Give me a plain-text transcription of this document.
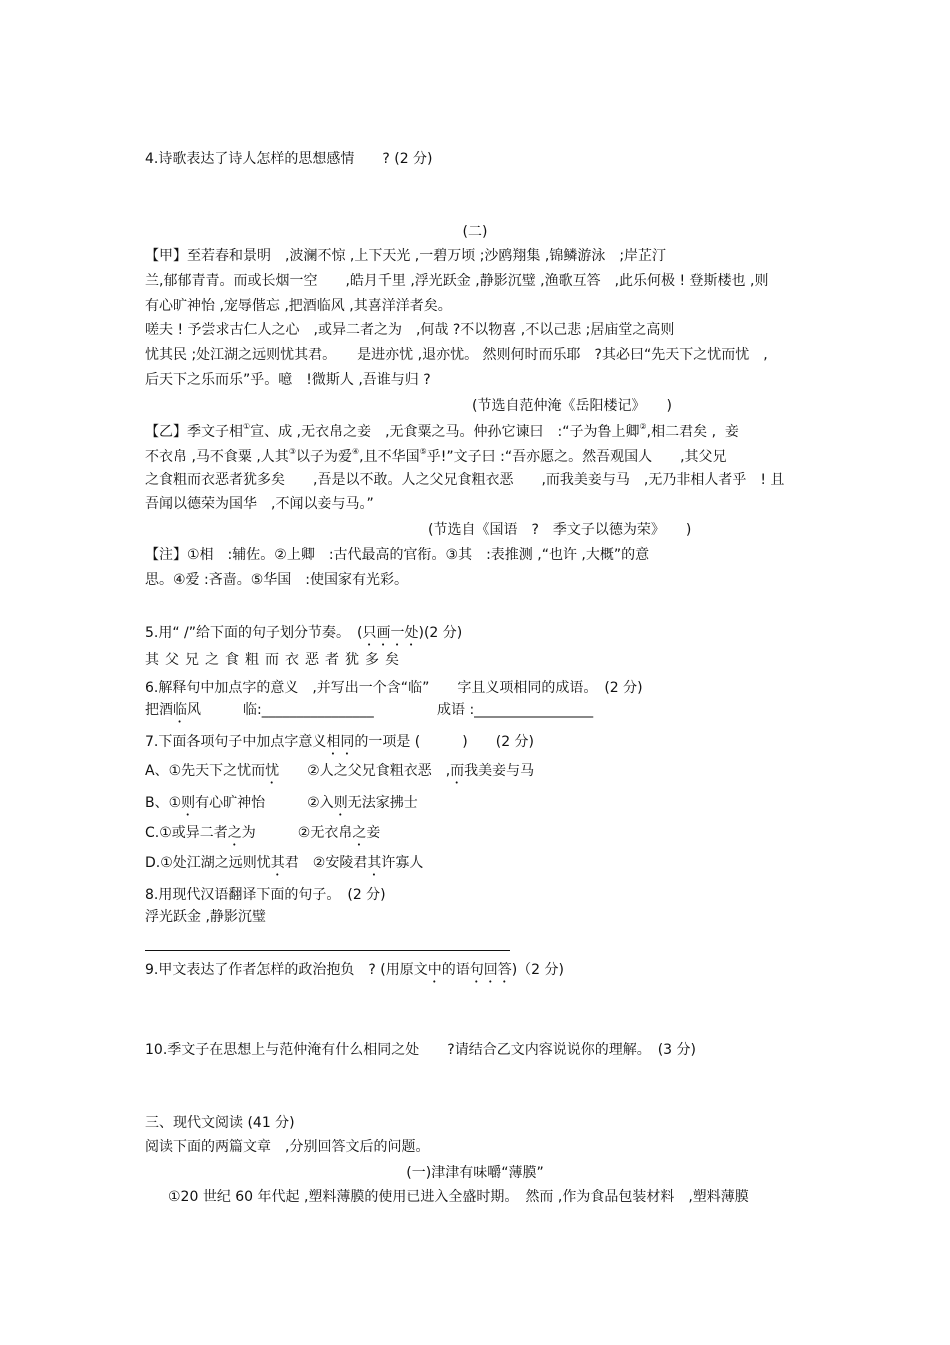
4.诗歌表达了诗人怎样的思想感情　　? (2 分)
(二)
【甲】至若春和景明　,波澜不惊 ,上下天光 ,一碧万顷 ;沙鸥翔集 ,锦鳞游泳　;岸芷汀
兰,郁郁青青。而或长烟一空　　,皓月千里 ,浮光跃金 ,静影沉璧 ,渔歌互答　,此乐何极 ! 登斯楼也 ,则
有心旷神怡 ,宠辱偕忘 ,把酒临风 ,其喜洋洋者矣。
嗟夫 ! 予尝求古仁人之心　,或异二者之为　,何哉 ?不以物喜 ,不以己悲 ;居庙堂之高则
忧其民 ;处江湖之远则忧其君。　　是进亦忧 ,退亦忧。 然则何时而乐耶　?其必曰“先天下之忧而忧　,
后天下之乐而乐”乎。噫　!微斯人 ,吾谁与归 ?
(节选自范仲淹《岳阳楼记》　　)
【乙】季文子相①宣、成 ,无衣帛之妾　,无食粟之马。仲孙它谏曰　:“子为鲁上卿②,相二君矣 ,  妾
不衣帛 ,马不食粟 ,人其③以子为爱④,且不华国⑤乎!”文子曰 :“吾亦愿之。然吾观国人　　,其父兄
之食粗而衣恶者犹多矣　　,吾是以不敢。人之父兄食粗衣恶　　,而我美妾与马　,无乃非相人者乎　! 且
吾闻以德荣为国华　,不闻以妾与马。”
(节选自《国语　?　季文子以德为荣》　　)
【注】①相　:辅佐。②上卿　:古代最高的官衔。③其　:表推测 ,“也许 ,大概”的意
思。④爱 :吝啬。⑤华国　:使国家有光彩。
5.用“ /”给下面的句子划分节奏。　(只画一处)(2 分)
其父兄之食粗而衣恶者犹多矣
6.解释句中加点字的意义　,并写出一个含“临”　　字且义项相同的成语。　(2 分)
把酒临风	临:________________	成语 :_________________
7.下面各项句子中加点字意义相同的一项是 (　　　)　　(2 分)
A、①先天下之忧而忧　　②人之父兄食粗衣恶　,而我美妾与马
B、①则有心旷神怡　　　②入则无法家拂士
C.①或异二者之为　　　②无衣帛之妾
D.①处江湖之远则忧其君　②安陵君其许寡人
8.用现代汉语翻译下面的句子。　(2 分)
浮光跃金 ,静影沉璧
9.甲文表达了作者怎样的政治抱负　? (用原文中的语句回答)（2 分)
10.季文子在思想上与范仲淹有什么相同之处　　?请结合乙文内容说说你的理解。　(3 分)
三、现代文阅读 (41 分)
阅读下面的两篇文章　,分别回答文后的问题。
(一)津津有味嚼“薄膜”
①20 世纪 60 年代起 ,塑料薄膜的使用已进入全盛时期。　然而 ,作为食品包装材料　,塑料薄膜
